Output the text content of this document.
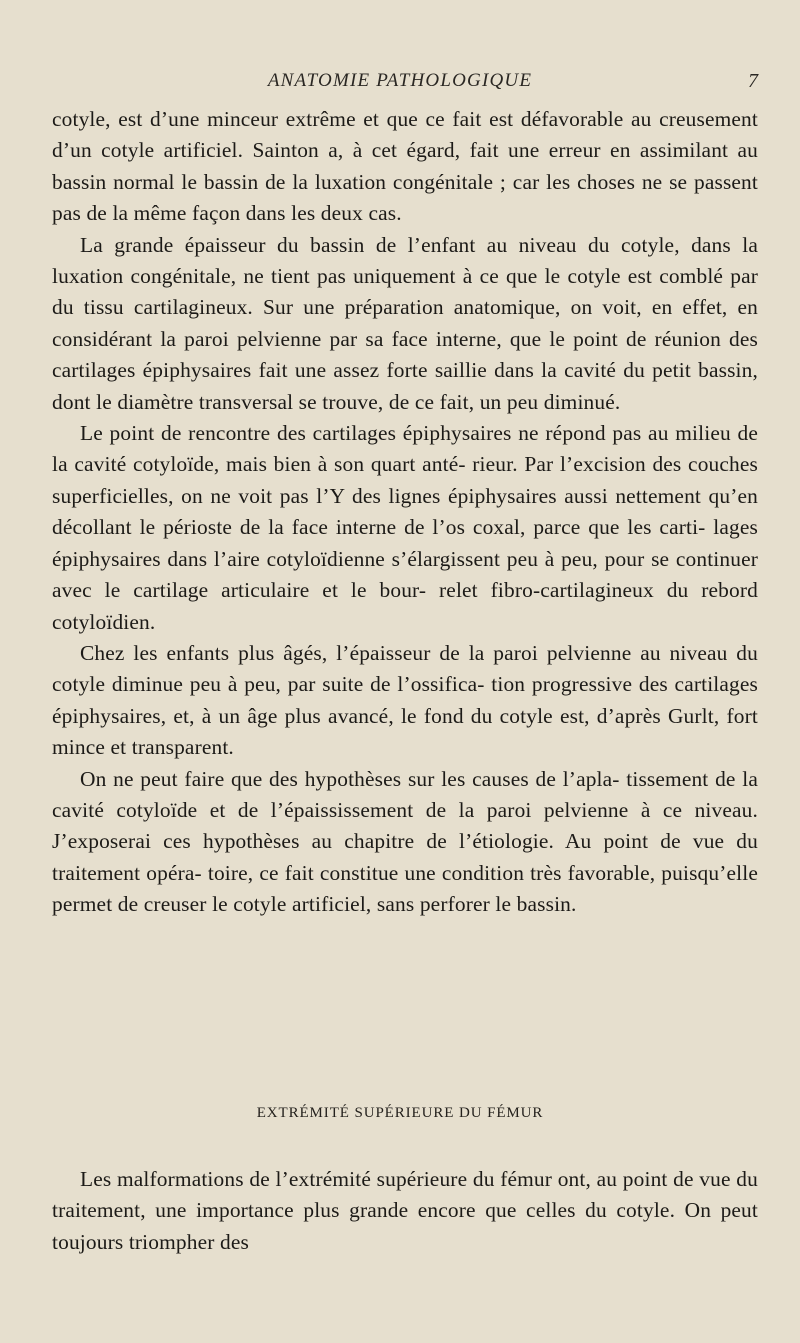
ANATOMIE PATHOLOGIQUE	7

cotyle, est d’une minceur extrême et que ce fait est défavorable au creusement d’un cotyle artificiel. Sainton a, à cet égard, fait une erreur en assimilant au bassin normal le bassin de la luxation congénitale ; car les choses ne se passent pas de la même façon dans les deux cas.

La grande épaisseur du bassin de l’enfant au niveau du cotyle, dans la luxation congénitale, ne tient pas uniquement à ce que le cotyle est comblé par du tissu cartilagineux. Sur une préparation anatomique, on voit, en effet, en considérant la paroi pelvienne par sa face interne, que le point de réunion des cartilages épiphysaires fait une assez forte saillie dans la cavité du petit bassin, dont le diamètre transversal se trouve, de ce fait, un peu diminué.

Le point de rencontre des cartilages épiphysaires ne répond pas au milieu de la cavité cotyloïde, mais bien à son quart anté- rieur. Par l’excision des couches superficielles, on ne voit pas l’Y des lignes épiphysaires aussi nettement qu’en décollant le périoste de la face interne de l’os coxal, parce que les carti- lages épiphysaires dans l’aire cotyloïdienne s’élargissent peu à peu, pour se continuer avec le cartilage articulaire et le bour- relet fibro-cartilagineux du rebord cotyloïdien.

Chez les enfants plus âgés, l’épaisseur de la paroi pelvienne au niveau du cotyle diminue peu à peu, par suite de l’ossifica- tion progressive des cartilages épiphysaires, et, à un âge plus avancé, le fond du cotyle est, d’après Gurlt, fort mince et transparent.

On ne peut faire que des hypothèses sur les causes de l’apla- tissement de la cavité cotyloïde et de l’épaississement de la paroi pelvienne à ce niveau. J’exposerai ces hypothèses au chapitre de l’étiologie. Au point de vue du traitement opéra- toire, ce fait constitue une condition très favorable, puisqu’elle permet de creuser le cotyle artificiel, sans perforer le bassin.

EXTRÉMITÉ SUPÉRIEURE DU FÉMUR

Les malformations de l’extrémité supérieure du fémur ont, au point de vue du traitement, une importance plus grande encore que celles du cotyle. On peut toujours triompher des
